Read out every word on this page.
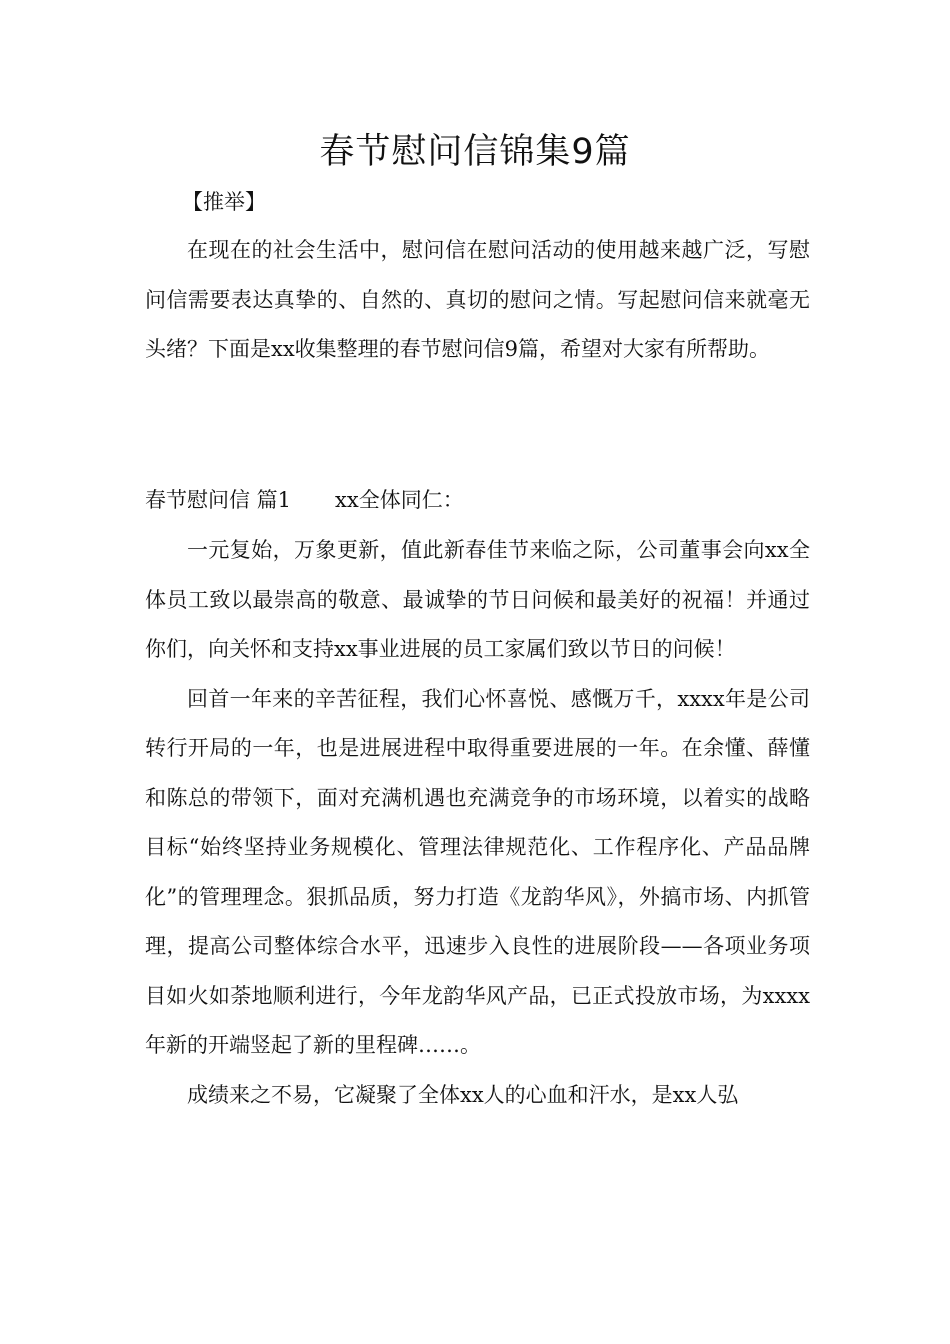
春节慰问信锦集9篇
【推举】

在现在的社会生活中，慰问信在慰问活动的使用越来越广泛，写慰问信需要表达真挚的、自然的、真切的慰问之情。写起慰问信来就毫无头绪？下面是xx收集整理的春节慰问信9篇，希望对大家有所帮助。

春节慰问信 篇1 xx全体同仁：

一元复始，万象更新，值此新春佳节来临之际，公司董事会向xx全体员工致以最崇高的敬意、最诚挚的节日问候和最美好的祝福！并通过你们，向关怀和支持xx事业进展的员工家属们致以节日的问候！

回首一年来的辛苦征程，我们心怀喜悦、感慨万千，xxxx年是公司转行开局的一年，也是进展进程中取得重要进展的一年。在余懂、薛懂和陈总的带领下，面对充满机遇也充满竞争的市场环境，以着实的战略目标“始终坚持业务规模化、管理法律规范化、工作程序化、产品品牌化”的管理理念。狠抓品质，努力打造《龙韵华风》，外搞市场、内抓管理，提高公司整体综合水平，迅速步入良性的进展阶段——各项业务项目如火如荼地顺利进行，今年龙韵华风产品，已正式投放市场，为xxxx年新的开端竖起了新的里程碑……。

成绩来之不易，它凝聚了全体xx人的心血和汗水，是xx人弘
